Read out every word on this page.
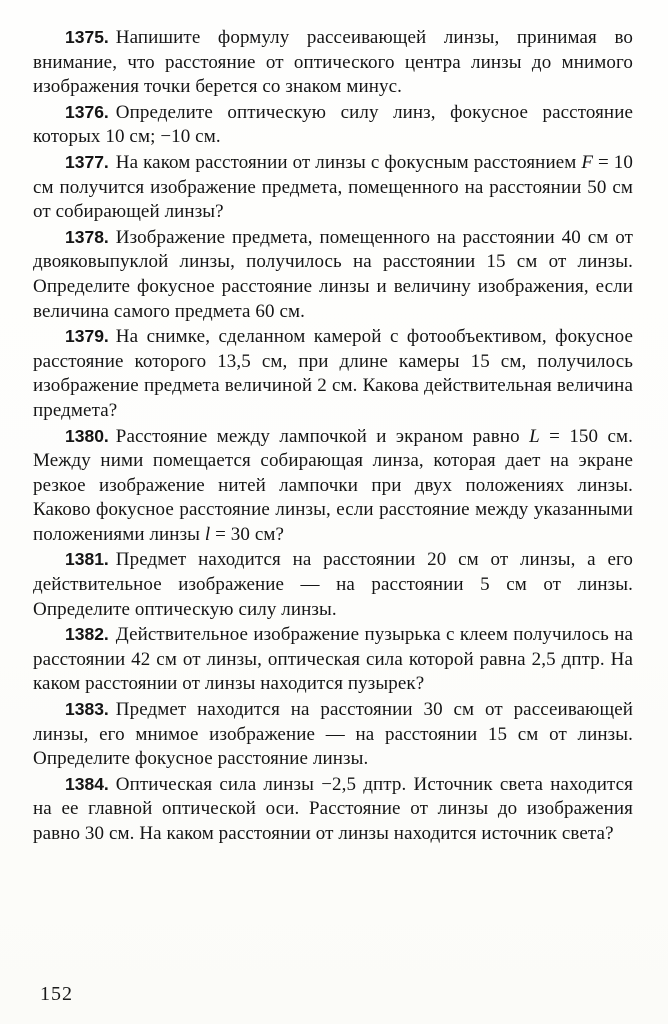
1375. Напишите формулу рассеивающей линзы, принимая во внимание, что расстояние от оптического центра линзы до мнимого изображения точки берется со знаком минус.

1376. Определите оптическую силу линз, фокусное расстояние которых 10 см; −10 см.

1377. На каком расстоянии от линзы с фокусным расстоянием F = 10 см получится изображение предмета, помещенного на расстоянии 50 см от собирающей линзы?

1378. Изображение предмета, помещенного на расстоянии 40 см от двояковыпуклой линзы, получилось на расстоянии 15 см от линзы. Определите фокусное расстояние линзы и величину изображения, если величина самого предмета 60 см.

1379. На снимке, сделанном камерой с фотообъективом, фокусное расстояние которого 13,5 см, при длине камеры 15 см, получилось изображение предмета величиной 2 см. Какова действительная величина предмета?

1380. Расстояние между лампочкой и экраном равно L = 150 см. Между ними помещается собирающая линза, которая дает на экране резкое изображение нитей лампочки при двух положениях линзы. Каково фокусное расстояние линзы, если расстояние между указанными положениями линзы l = 30 см?

1381. Предмет находится на расстоянии 20 см от линзы, а его действительное изображение — на расстоянии 5 см от линзы. Определите оптическую силу линзы.

1382. Действительное изображение пузырька с клеем получилось на расстоянии 42 см от линзы, оптическая сила которой равна 2,5 дптр. На каком расстоянии от линзы находится пузырек?

1383. Предмет находится на расстоянии 30 см от рассеивающей линзы, его мнимое изображение — на расстоянии 15 см от линзы. Определите фокусное расстояние линзы.

1384. Оптическая сила линзы −2,5 дптр. Источник света находится на ее главной оптической оси. Расстояние от линзы до изображения равно 30 см. На каком расстоянии от линзы находится источник света?

152
